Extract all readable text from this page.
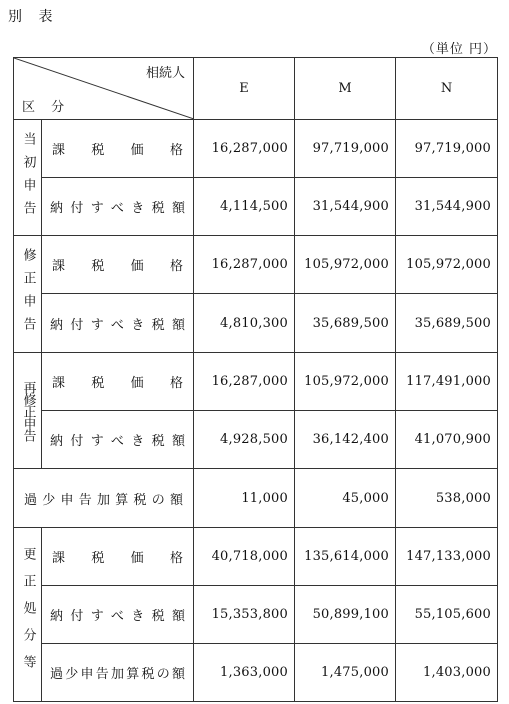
別 表
（単位 円）
相続人
区 分		E	M	N
当初申告	課 税 価 格	16,287,000	97,719,000	97,719,000
	納付すべき税額	4,114,500	31,544,900	31,544,900
修正申告	課 税 価 格	16,287,000	105,972,000	105,972,000
	納付すべき税額	4,810,300	35,689,500	35,689,500
再修正申告	課 税 価 格	16,287,000	105,972,000	117,491,000
	納付すべき税額	4,928,500	36,142,400	41,070,900
過少申告加算税の額		11,000	45,000	538,000
更正処分等	課 税 価 格	40,718,000	135,614,000	147,133,000
	納付すべき税額	15,353,800	50,899,100	55,105,600
	過少申告加算税の額	1,363,000	1,475,000	1,403,000
